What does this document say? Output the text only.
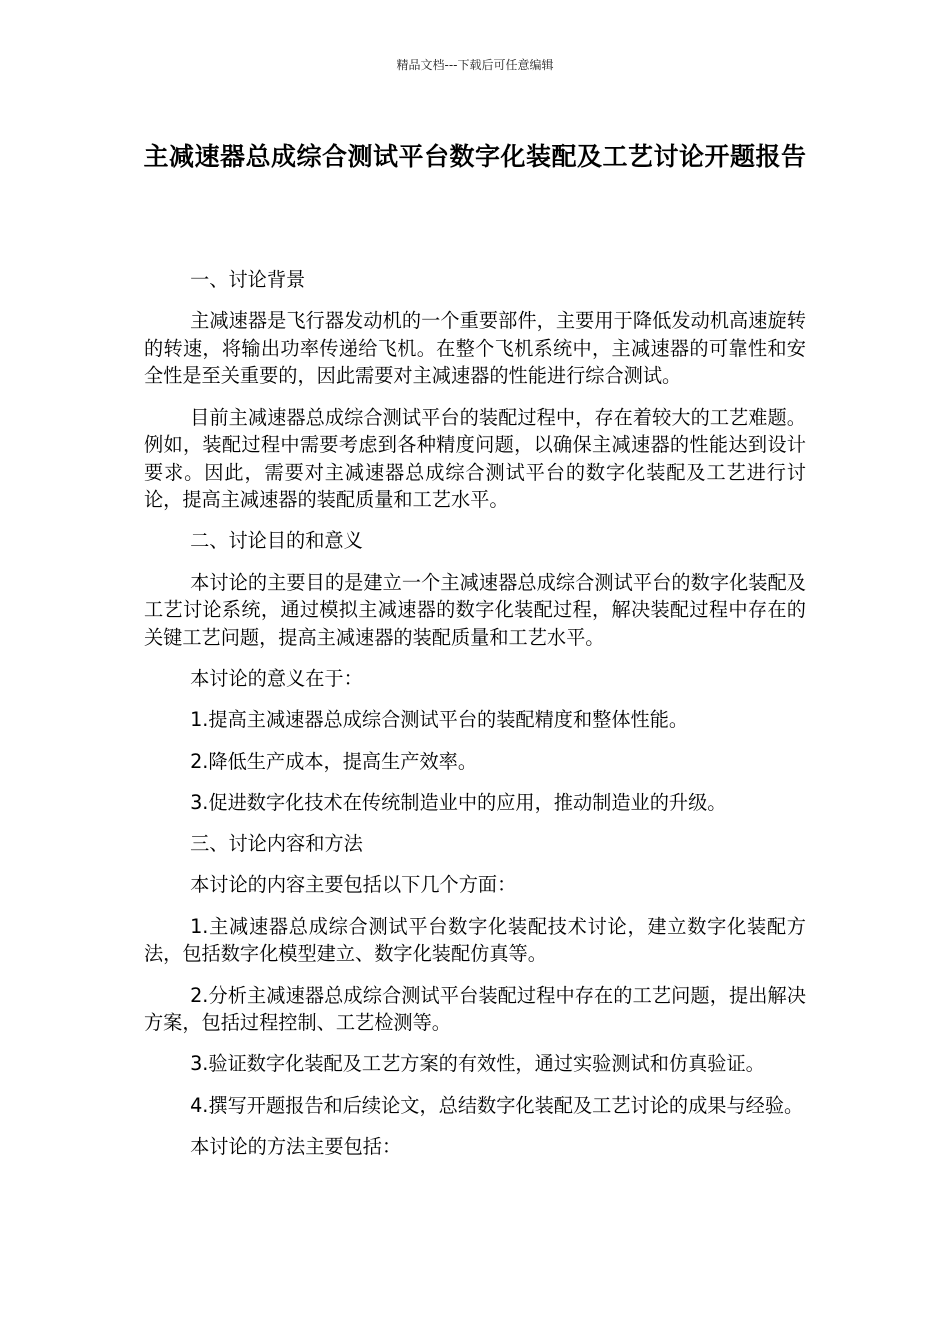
精品文档---下载后可任意编辑
主减速器总成综合测试平台数字化装配及工艺讨论开题报告

一、讨论背景

主减速器是飞行器发动机的一个重要部件，主要用于降低发动机高速旋转的转速，将输出功率传递给飞机。在整个飞机系统中，主减速器的可靠性和安全性是至关重要的，因此需要对主减速器的性能进行综合测试。

目前主减速器总成综合测试平台的装配过程中，存在着较大的工艺难题。例如，装配过程中需要考虑到各种精度问题，以确保主减速器的性能达到设计要求。因此，需要对主减速器总成综合测试平台的数字化装配及工艺进行讨论，提高主减速器的装配质量和工艺水平。

二、讨论目的和意义

本讨论的主要目的是建立一个主减速器总成综合测试平台的数字化装配及工艺讨论系统，通过模拟主减速器的数字化装配过程，解决装配过程中存在的关键工艺问题，提高主减速器的装配质量和工艺水平。

本讨论的意义在于：

1.提高主减速器总成综合测试平台的装配精度和整体性能。

2.降低生产成本，提高生产效率。

3.促进数字化技术在传统制造业中的应用，推动制造业的升级。

三、讨论内容和方法

本讨论的内容主要包括以下几个方面：

1.主减速器总成综合测试平台数字化装配技术讨论，建立数字化装配方法，包括数字化模型建立、数字化装配仿真等。

2.分析主减速器总成综合测试平台装配过程中存在的工艺问题，提出解决方案，包括过程控制、工艺检测等。

3.验证数字化装配及工艺方案的有效性，通过实验测试和仿真验证。

4.撰写开题报告和后续论文，总结数字化装配及工艺讨论的成果与经验。

本讨论的方法主要包括：
